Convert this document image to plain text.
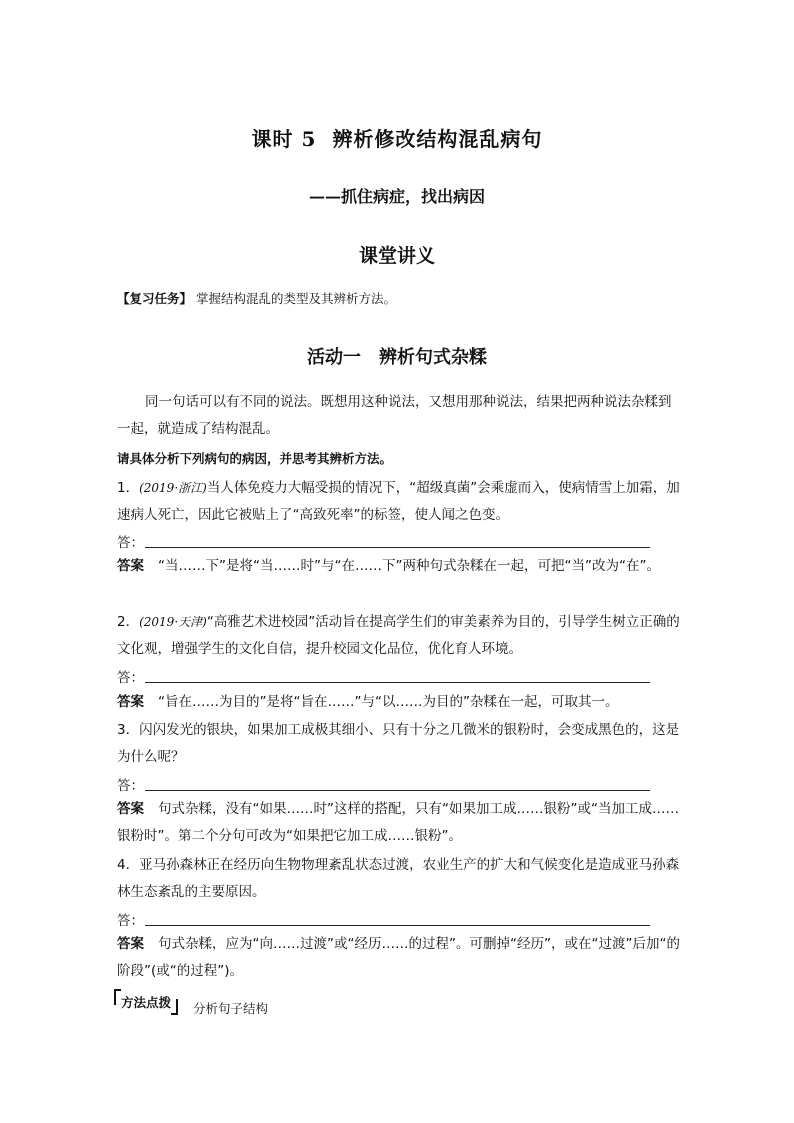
课时 5 辨析修改结构混乱病句
——抓住病症，找出病因
课堂讲义
【复习任务】 掌握结构混乱的类型及其辨析方法。
活动一 辨析句式杂糅
同一句话可以有不同的说法。既想用这种说法，又想用那种说法，结果把两种说法杂糅到一起，就造成了结构混乱。
请具体分析下列病句的病因，并思考其辨析方法。
1．(2019·浙江)当人体免疫力大幅受损的情况下，“超级真菌”会乘虚而入，使病情雪上加霜，加速病人死亡，因此它被贴上了“高致死率”的标签，使人闻之色变。
答：
答案 “当……下”是将“当……时”与“在……下”两种句式杂糅在一起，可把“当”改为“在”。
2．(2019·天津)“高雅艺术进校园”活动旨在提高学生们的审美素养为目的，引导学生树立正确的文化观，增强学生的文化自信，提升校园文化品位，优化育人环境。
答：
答案 “旨在……为目的”是将“旨在……”与“以……为目的”杂糅在一起，可取其一。
3．闪闪发光的银块，如果加工成极其细小、只有十分之几微米的银粉时，会变成黑色的，这是为什么呢？
答：
答案 句式杂糅，没有“如果……时”这样的搭配，只有“如果加工成……银粉”或“当加工成……银粉时”。第二个分句可改为“如果把它加工成……银粉”。
4．亚马孙森林正在经历向生物物理紊乱状态过渡，农业生产的扩大和气候变化是造成亚马孙森林生态紊乱的主要原因。
答：
答案 句式杂糅，应为“向……过渡”或“经历……的过程”。可删掉“经历”，或在“过渡”后加“的阶段”(或“的过程”)。
方法点拨 分析句子结构
